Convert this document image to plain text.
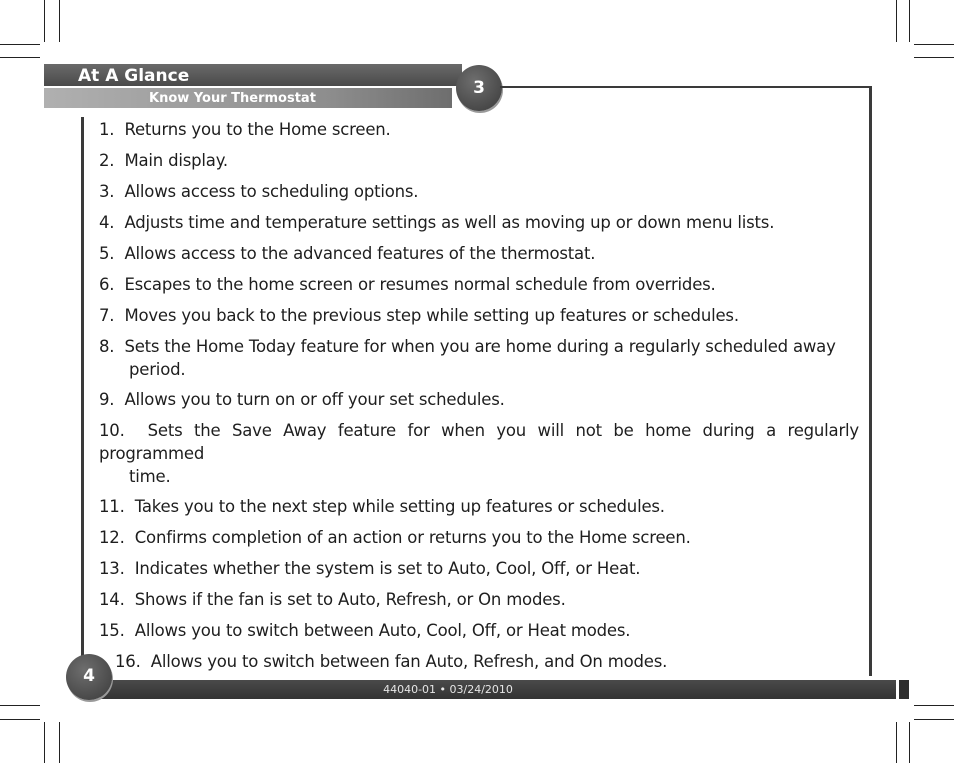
At A Glance
Know Your Thermostat
3
1. Returns you to the Home screen.
2. Main display.
3. Allows access to scheduling options.
4. Adjusts time and temperature settings as well as moving up or down menu lists.
5. Allows access to the advanced features of the thermostat.
6. Escapes to the home screen or resumes normal schedule from overrides.
7. Moves you back to the previous step while setting up features or schedules.
8. Sets the Home Today feature for when you are home during a regularly scheduled away
period.
9. Allows you to turn on or off your set schedules.
10. Sets the Save Away feature for when you will not be home during a regularly programmed
time.
11. Takes you to the next step while setting up features or schedules.
12. Confirms completion of an action or returns you to the Home screen.
13. Indicates whether the system is set to Auto, Cool, Off, or Heat.
14. Shows if the fan is set to Auto, Refresh, or On modes.
15. Allows you to switch between Auto, Cool, Off, or Heat modes.
16. Allows you to switch between fan Auto, Refresh, and On modes.
44040-01 • 03/24/2010
4
